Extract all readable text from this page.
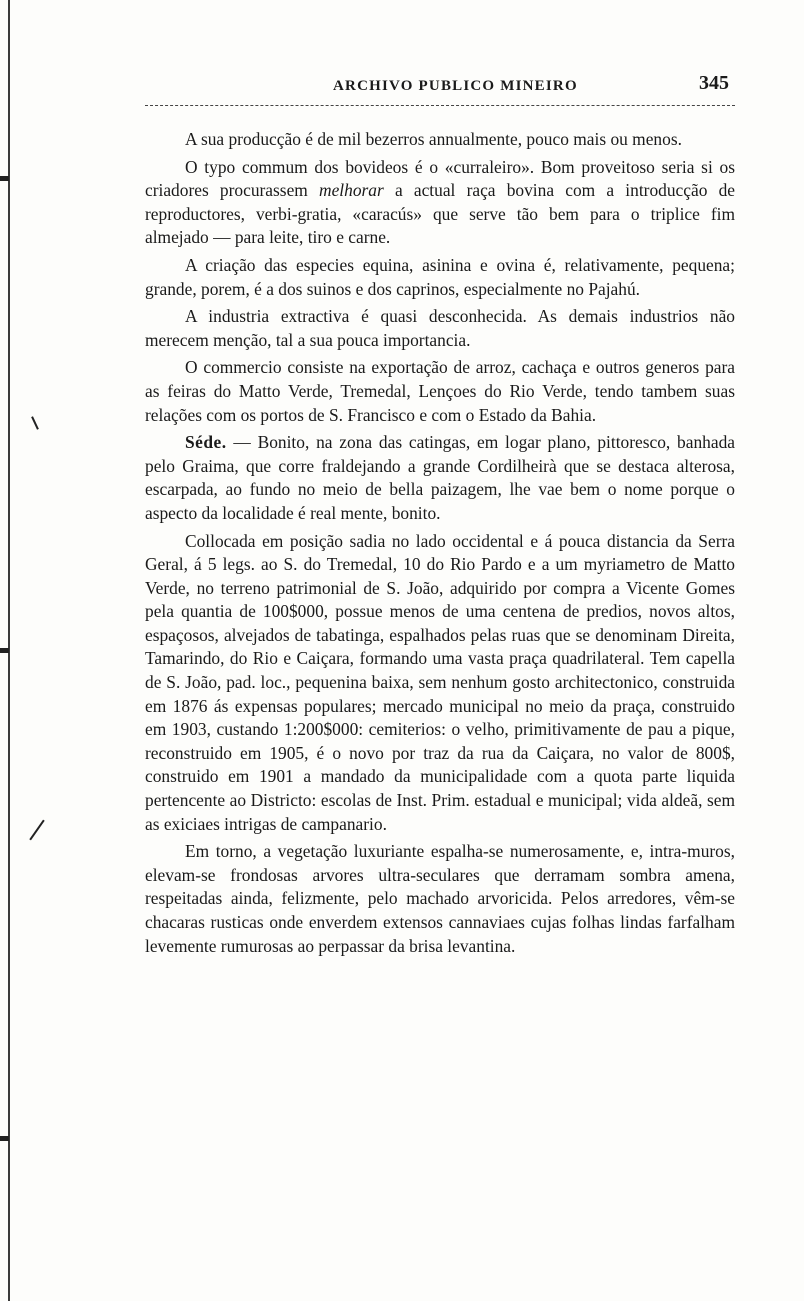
ARCHIVO PUBLICO MINEIRO	345

A sua producção é de mil bezerros annualmente, pouco mais ou menos.

O typo commum dos bovideos é o «curraleiro». Bom proveitoso seria si os criadores procurassem melhorar a actual raça bovina com a introducção de reproductores, verbi-gratia, «caracús» que serve tão bem para o triplice fim almejado — para leite, tiro e carne.

A criação das especies equina, asinina e ovina é, relativamente, pequena; grande, porem, é a dos suinos e dos caprinos, especialmente no Pajahú.

A industria extractiva é quasi desconhecida. As demais industrios não merecem menção, tal a sua pouca importancia.

O commercio consiste na exportação de arroz, cachaça e outros generos para as feiras do Matto Verde, Tremedal, Lençoes do Rio Verde, tendo tambem suas relações com os portos de S. Francisco e com o Estado da Bahia.

Séde. — Bonito, na zona das catingas, em logar plano, pittoresco, banhada pelo Graima, que corre fraldejando a grande Cordilheirà que se destaca alterosa, escarpada, ao fundo no meio de bella paizagem, lhe vae bem o nome porque o aspecto da localidade é real mente, bonito.

Collocada em posição sadia no lado occidental e á pouca distancia da Serra Geral, á 5 legs. ao S. do Tremedal, 10 do Rio Pardo e a um myriametro de Matto Verde, no terreno patrimonial de S. João, adquirido por compra a Vicente Gomes pela quantia de 100$000, possue menos de uma centena de predios, novos altos, espaçosos, alvejados de tabatinga, espalhados pelas ruas que se denominam Direita, Tamarindo, do Rio e Caiçara, formando uma vasta praça quadrilateral. Tem capella de S. João, pad. loc., pequenina baixa, sem nenhum gosto architectonico, construida em 1876 ás expensas populares; mercado municipal no meio da praça, construido em 1903, custando 1:200$000: cemiterios: o velho, primitivamente de pau a pique, reconstruido em 1905, é o novo por traz da rua da Caiçara, no valor de 800$, construido em 1901 a mandado da municipalidade com a quota parte liquida pertencente ao Districto: escolas de Inst. Prim. estadual e municipal; vida aldeã, sem as exiciaes intrigas de campanario.

Em torno, a vegetação luxuriante espalha-se numerosamente, e, intra-muros, elevam-se frondosas arvores ultra-seculares que derramam sombra amena, respeitadas ainda, felizmente, pelo machado arvoricida. Pelos arredores, vêm-se chacaras rusticas onde enverdem extensos cannaviaes cujas folhas lindas farfalham levemente rumurosas ao perpassar da brisa levantina.
